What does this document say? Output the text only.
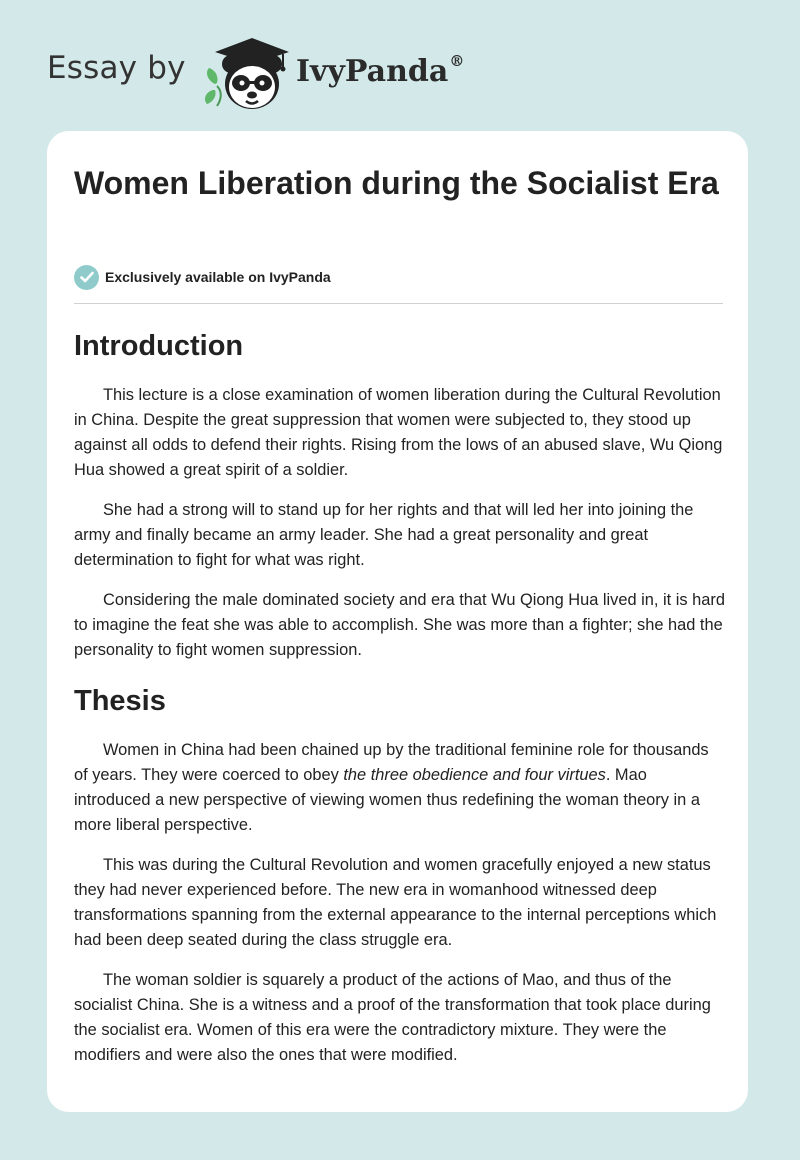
Essay by	IvyPanda®
Women Liberation during the Socialist Era
Exclusively available on IvyPanda
Introduction

This lecture is a close examination of women liberation during the Cultural Revolution in China. Despite the great suppression that women were subjected to, they stood up against all odds to defend their rights. Rising from the lows of an abused slave, Wu Qiong Hua showed a great spirit of a soldier.

She had a strong will to stand up for her rights and that will led her into joining the army and finally became an army leader. She had a great personality and great determination to fight for what was right.

Considering the male dominated society and era that Wu Qiong Hua lived in, it is hard to imagine the feat she was able to accomplish. She was more than a fighter; she had the personality to fight women suppression.

Thesis

Women in China had been chained up by the traditional feminine role for thousands of years. They were coerced to obey the three obedience and four virtues. Mao introduced a new perspective of viewing women thus redefining the woman theory in a more liberal perspective.

This was during the Cultural Revolution and women gracefully enjoyed a new status they had never experienced before. The new era in womanhood witnessed deep transformations spanning from the external appearance to the internal perceptions which had been deep seated during the class struggle era.

The woman soldier is squarely a product of the actions of Mao, and thus of the socialist China. She is a witness and a proof of the transformation that took place during the socialist era. Women of this era were the contradictory mixture. They were the modifiers and were also the ones that were modified.
